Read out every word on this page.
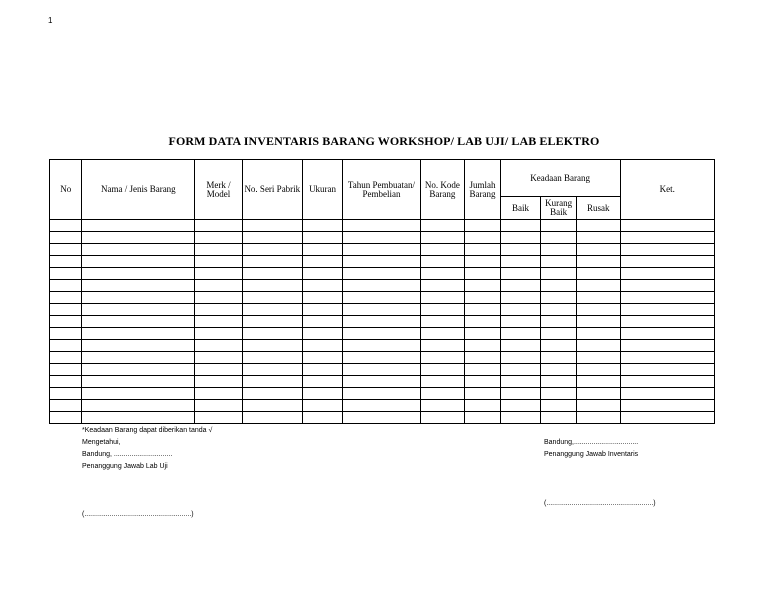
1
FORM DATA INVENTARIS BARANG WORKSHOP/ LAB UJI/ LAB ELEKTRO
No	Nama / Jenis Barang	Merk / Model	No. Seri Pabrik	Ukuran	Tahun Pembuatan/ Pembelian	No. Kode Barang	Jumlah Barang	Keadaan Barang			Ket.
								Baik	Kurang Baik	Rusak	

*Keadaan Barang dapat diberikan tanda √
Mengetahui,
Bandung, ..............................
Penanggung Jawab Lab Uji
(.......................................................)
Bandung,.................................
Penanggung Jawab Inventaris
(.......................................................)
